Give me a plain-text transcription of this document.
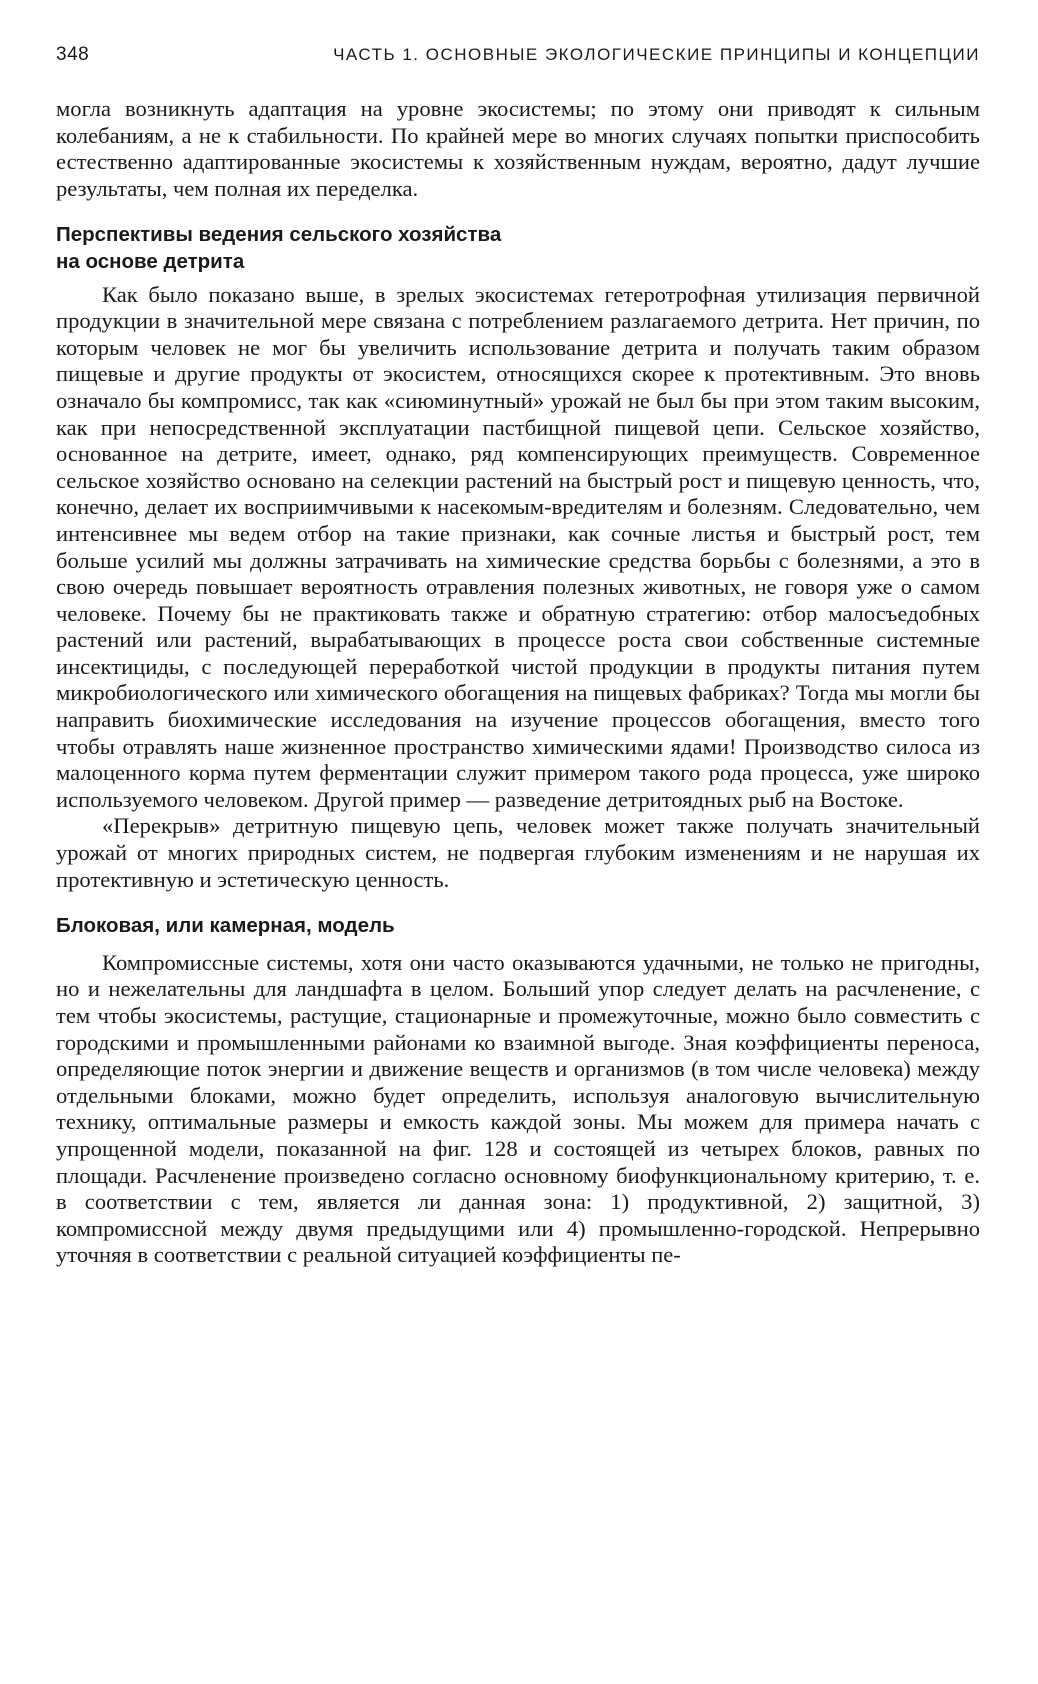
348	ЧАСТЬ 1. ОСНОВНЫЕ ЭКОЛОГИЧЕСКИЕ ПРИНЦИПЫ И КОНЦЕПЦИИ

могла возникнуть адаптация на уровне экосистемы; по этому они приводят к сильным колебаниям, а не к стабильности. По крайней мере во многих случаях попытки приспособить естественно адаптированные экосистемы к хозяйственным нуждам, вероятно, дадут лучшие результаты, чем полная их переделка.

Перспективы ведения сельского хозяйства
на основе детрита

Как было показано выше, в зрелых экосистемах гетеротрофная утилизация первичной продукции в значительной мере связана с потреблением разлагаемого детрита. Нет причин, по которым человек не мог бы увеличить использование детрита и получать таким образом пищевые и другие продукты от экосистем, относящихся скорее к протективным. Это вновь означало бы компромисс, так как «сиюминутный» урожай не был бы при этом таким высоким, как при непосредственной эксплуатации пастбищной пищевой цепи. Сельское хозяйство, основанное на детрите, имеет, однако, ряд компенсирующих преимуществ. Современное сельское хозяйство основано на селекции растений на быстрый рост и пищевую ценность, что, конечно, делает их восприимчивыми к насекомым-вредителям и болезням. Следовательно, чем интенсивнее мы ведем отбор на такие признаки, как сочные листья и быстрый рост, тем больше усилий мы должны затрачивать на химические средства борьбы с болезнями, а это в свою очередь повышает вероятность отравления полезных животных, не говоря уже о самом человеке. Почему бы не практиковать также и обратную стратегию: отбор малосъедобных растений или растений, вырабатывающих в процессе роста свои собственные системные инсектициды, с последующей переработкой чистой продукции в продукты питания путем микробиологического или химического обогащения на пищевых фабриках? Тогда мы могли бы направить биохимические исследования на изучение процессов обогащения, вместо того чтобы отравлять наше жизненное пространство химическими ядами! Производство силоса из малоценного корма путем ферментации служит примером такого рода процесса, уже широко используемого человеком. Другой пример — разведение детритоядных рыб на Востоке.

«Перекрыв» детритную пищевую цепь, человек может также получать значительный урожай от многих природных систем, не подвергая глубоким изменениям и не нарушая их протективную и эстетическую ценность.

Блоковая, или камерная, модель

Компромиссные системы, хотя они часто оказываются удачными, не только не пригодны, но и нежелательны для ландшафта в целом. Больший упор следует делать на расчленение, с тем чтобы экосистемы, растущие, стационарные и промежуточные, можно было совместить с городскими и промышленными районами ко взаимной выгоде. Зная коэффициенты переноса, определяющие поток энергии и движение веществ и организмов (в том числе человека) между отдельными блоками, можно будет определить, используя аналоговую вычислительную технику, оптимальные размеры и емкость каждой зоны. Мы можем для примера начать с упрощенной модели, показанной на фиг. 128 и состоящей из четырех блоков, равных по площади. Расчленение произведено согласно основному биофункциональному критерию, т. е. в соответствии с тем, является ли данная зона: 1) продуктивной, 2) защитной, 3) компромиссной между двумя предыдущими или 4) промышленно-городской. Непрерывно уточняя в соответствии с реальной ситуацией коэффициенты пе-
